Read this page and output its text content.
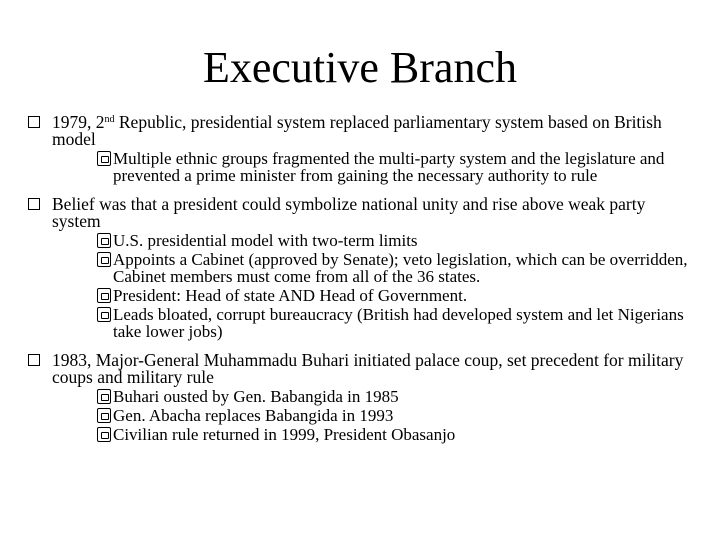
Executive Branch
1979, 2nd Republic, presidential system replaced parliamentary system based on British model
Multiple ethnic groups fragmented the multi-party system and the legislature and prevented a prime minister from gaining the necessary authority to rule
Belief was that a president could symbolize national unity and rise above weak party system
U.S. presidential model with two-term limits
Appoints a Cabinet (approved by Senate); veto legislation, which can be overridden, Cabinet members must come from all of the 36 states.
President: Head of state AND Head of Government.
Leads bloated, corrupt bureaucracy (British had developed system and let Nigerians take lower jobs)
1983, Major-General Muhammadu Buhari initiated palace coup, set precedent for military coups and military rule
Buhari ousted by Gen. Babangida in 1985
Gen. Abacha replaces Babangida in 1993
Civilian rule returned in 1999, President Obasanjo
